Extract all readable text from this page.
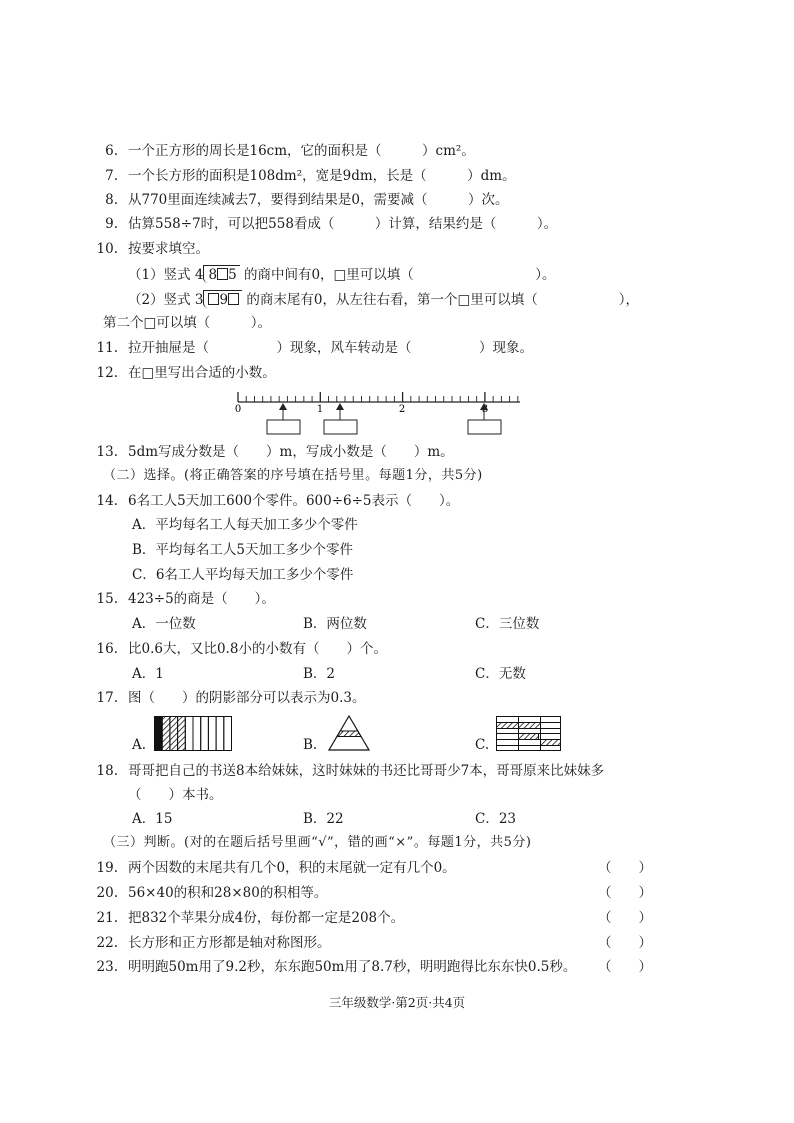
6. 一个正方形的周长是16cm，它的面积是（　　　）cm²。
7. 一个长方形的面积是108dm²，宽是9dm，长是（　　　）dm。
8. 从770里面连续减去7，要得到结果是0，需要减（　　　）次。
9. 估算558÷7时，可以把558看成（　　　）计算，结果约是（　　　）。
10. 按要求填空。
（1）竖式 4 8 5 的商中间有0，□里可以填（　　　　　　　　　）。
（2）竖式 3 9 的商末尾有0，从左往右看，第一个□里可以填（　　　　　　），
第二个□可以填（　　　）。
11. 拉开抽屉是（　　　　　）现象，风车转动是（　　　　　）现象。
12. 在□里写出合适的小数。
0	1	2
13. 5dm写成分数是（　　）m，写成小数是（　　）m。
（二）选择。(将正确答案的序号填在括号里。每题1分，共5分)
14. 6名工人5天加工600个零件。600÷6÷5表示（　　）。
A．平均每名工人每天加工多少个零件
B．平均每名工人5天加工多少个零件
C．6名工人平均每天加工多少个零件
15. 423÷5的商是（　　）。
A．一位数	B．两位数	C．三位数
16. 比0.6大，又比0.8小的小数有（　　）个。
A．1	B．2	C．无数
17. 图（　　）的阴影部分可以表示为0.3。
A.	B.	C.
18. 哥哥把自己的书送8本给妹妹，这时妹妹的书还比哥哥少7本，哥哥原来比妹妹多
（　　）本书。
A．15	B．22	C．23
（三）判断。(对的在题后括号里画“√”，错的画“×”。每题1分，共5分)
19. 两个因数的末尾共有几个0，积的末尾就一定有几个0。	（　　）
20. 56×40的积和28×80的积相等。	（　　）
21. 把832个苹果分成4份，每份都一定是208个。	（　　）
22. 长方形和正方形都是轴对称图形。	（　　）
23. 明明跑50m用了9.2秒，东东跑50m用了8.7秒，明明跑得比东东快0.5秒。 （　　）
三年级数学·第2页·共4页
